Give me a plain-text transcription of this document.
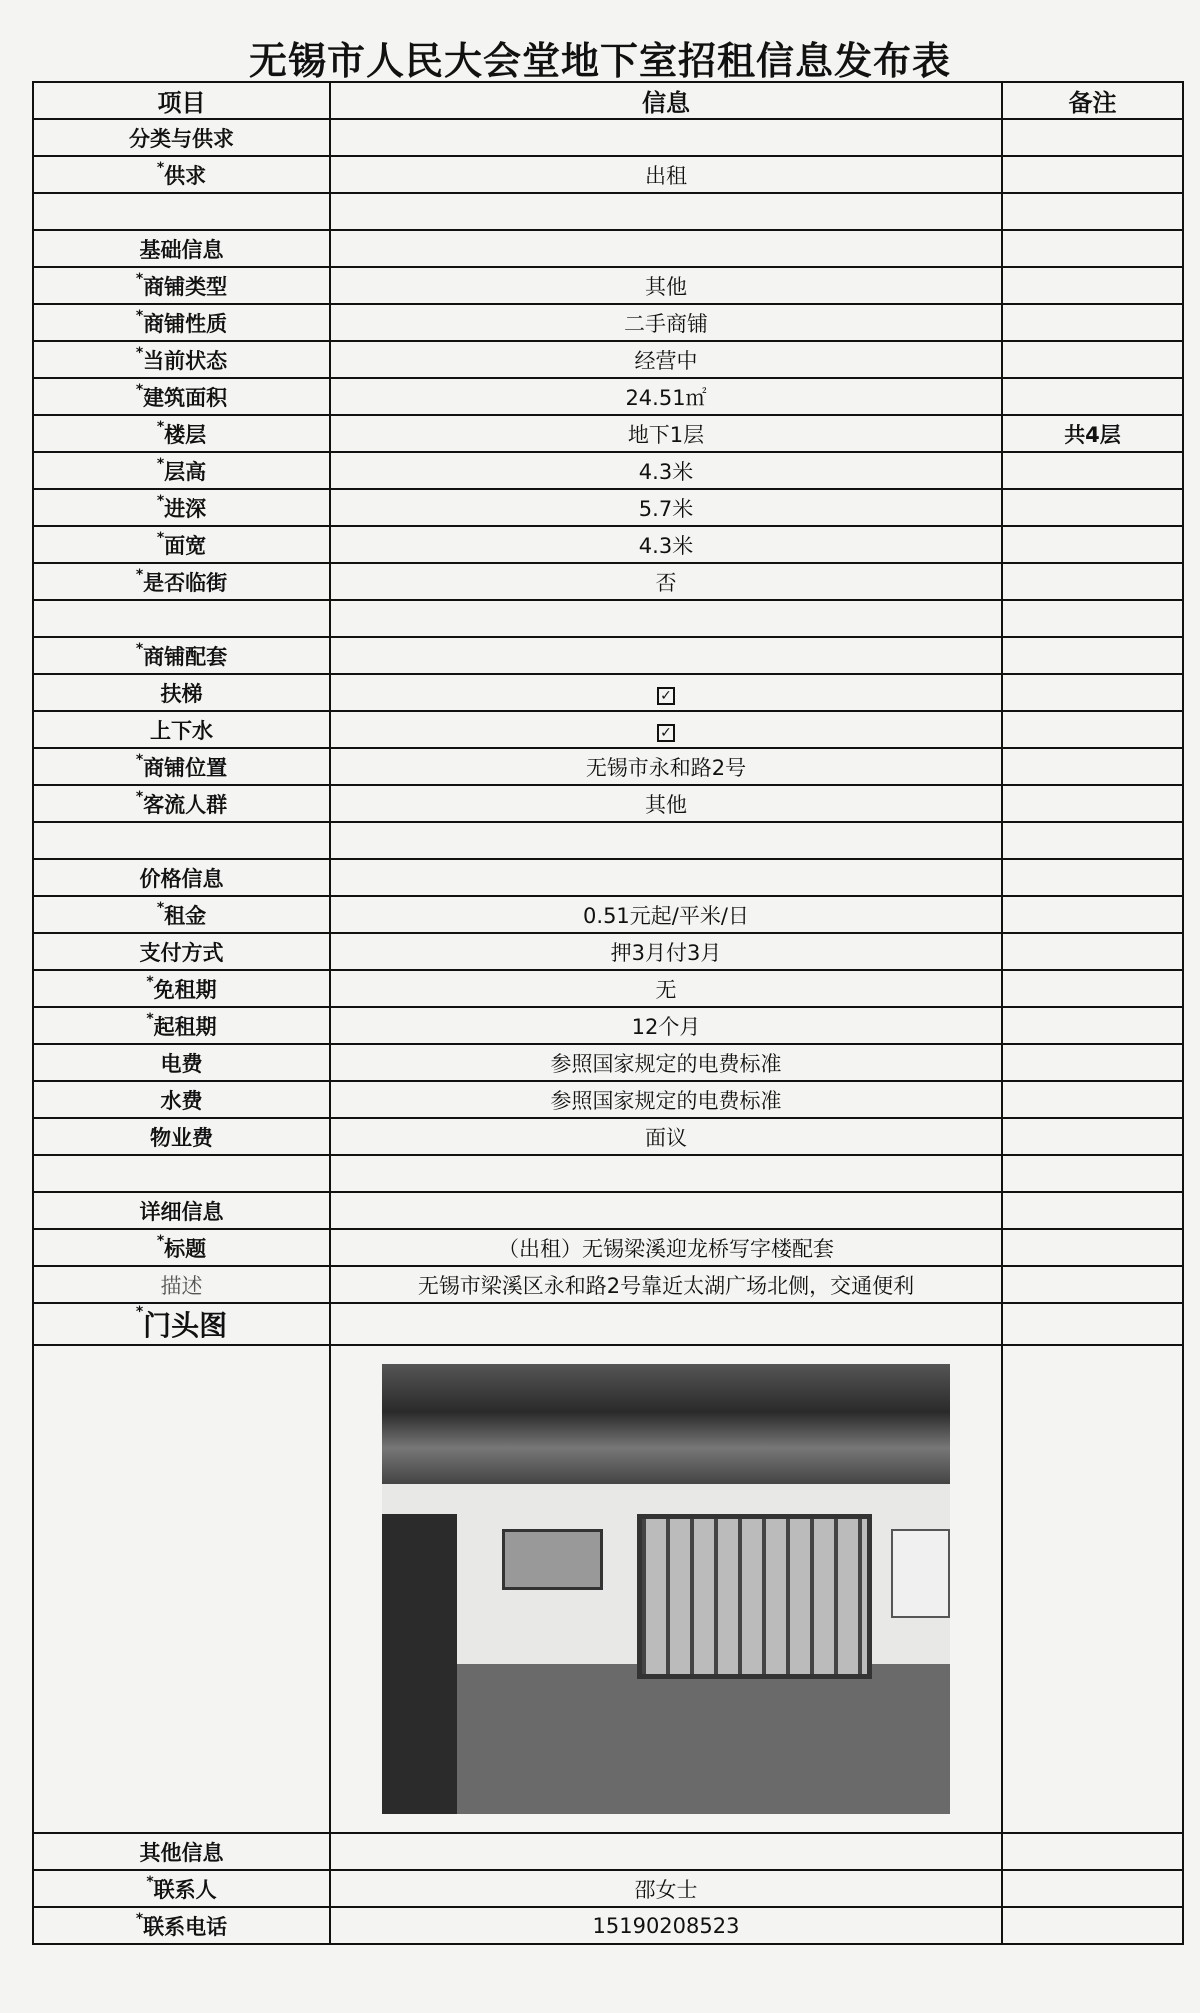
无锡市人民大会堂地下室招租信息发布表
项目	信息	备注
分类与供求		
*供求	出租	

基础信息		
*商铺类型	其他	
*商铺性质	二手商铺	
*当前状态	经营中	
*建筑面积	24.51㎡	
*楼层	地下1层	共4层
*层高	4.3米	
*进深	5.7米	
*面宽	4.3米	
*是否临街	否	

*商铺配套		
扶梯	✓	
上下水	✓	
*商铺位置	无锡市永和路2号	
*客流人群	其他	

价格信息		
*租金	0.51元起/平米/日	
支付方式	押3月付3月	
*免租期	无	
*起租期	12个月	
电费	参照国家规定的电费标准	
水费	参照国家规定的电费标准	
物业费	面议	

详细信息		
*标题	（出租）无锡梁溪迎龙桥写字楼配套	
描述	无锡市梁溪区永和路2号靠近太湖广场北侧，交通便利	
*门头图		

其他信息		
*联系人	邵女士	
*联系电话	15190208523	
